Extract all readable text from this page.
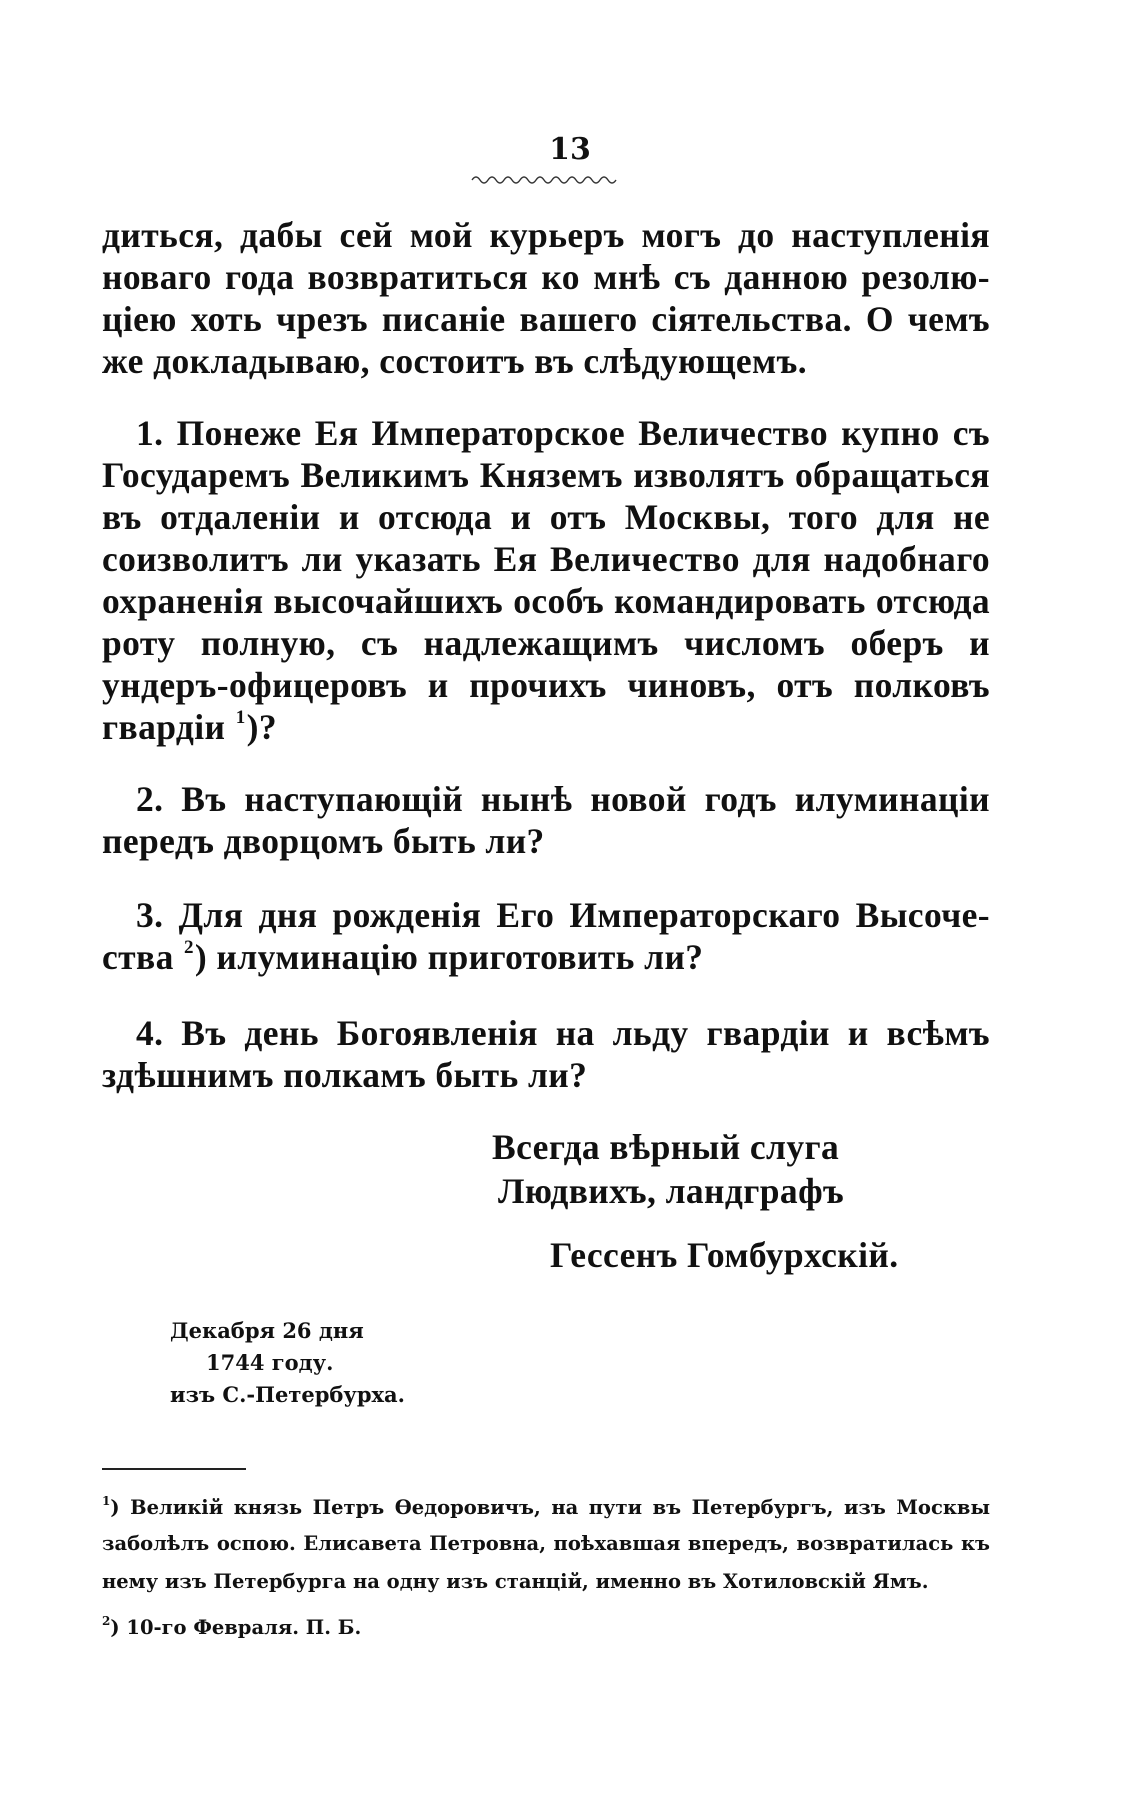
13
диться, дабы сей мой курьеръ могъ до наступленія
новаго года возвратиться ко мнѣ съ данною резолю-
ціею хоть чрезъ писаніе вашего сіятельства. О чемъ
же докладываю, состоитъ въ слѣдующемъ.
1. Понеже Ея Императорское Величество купно съ
Государемъ Великимъ Княземъ изволятъ обращаться
въ отдаленіи и отсюда и отъ Москвы, того для не
соизволитъ ли указать Ея Величество для надобнаго
охраненія высочайшихъ особъ командировать отсюда
роту полную, съ надлежащимъ числомъ оберъ и
ундеръ-офицеровъ и прочихъ чиновъ, отъ полковъ
гвардіи $^1$)?
2. Въ наступающій нынѣ новой годъ илуминаціи
передъ дворцомъ быть ли?
3. Для дня рожденія Его Императорскаго Высоче-
ства $^2$) илуминацію приготовить ли?
4. Въ день Богоявленія на льду гвардіи и всѣмъ
здѣшнимъ полкамъ быть ли?
Всегда вѣрный слуга
Людвихъ, ландграфъ
Гессенъ Гомбурхскій.
Декабря 26 дня
1744 году.
изъ С.-Петербурха.
$^1$) Великій князь Петръ Ѳедоровичъ, на пути въ Петербургъ, изъ Москвы
заболѣлъ оспою. Елисавета Петровна, поѣхавшая впередъ, возвратилась къ
нему изъ Петербурга на одну изъ станцій, именно въ Хотиловскій Ямъ.
$^2$) 10-го Февраля. П. Б.
